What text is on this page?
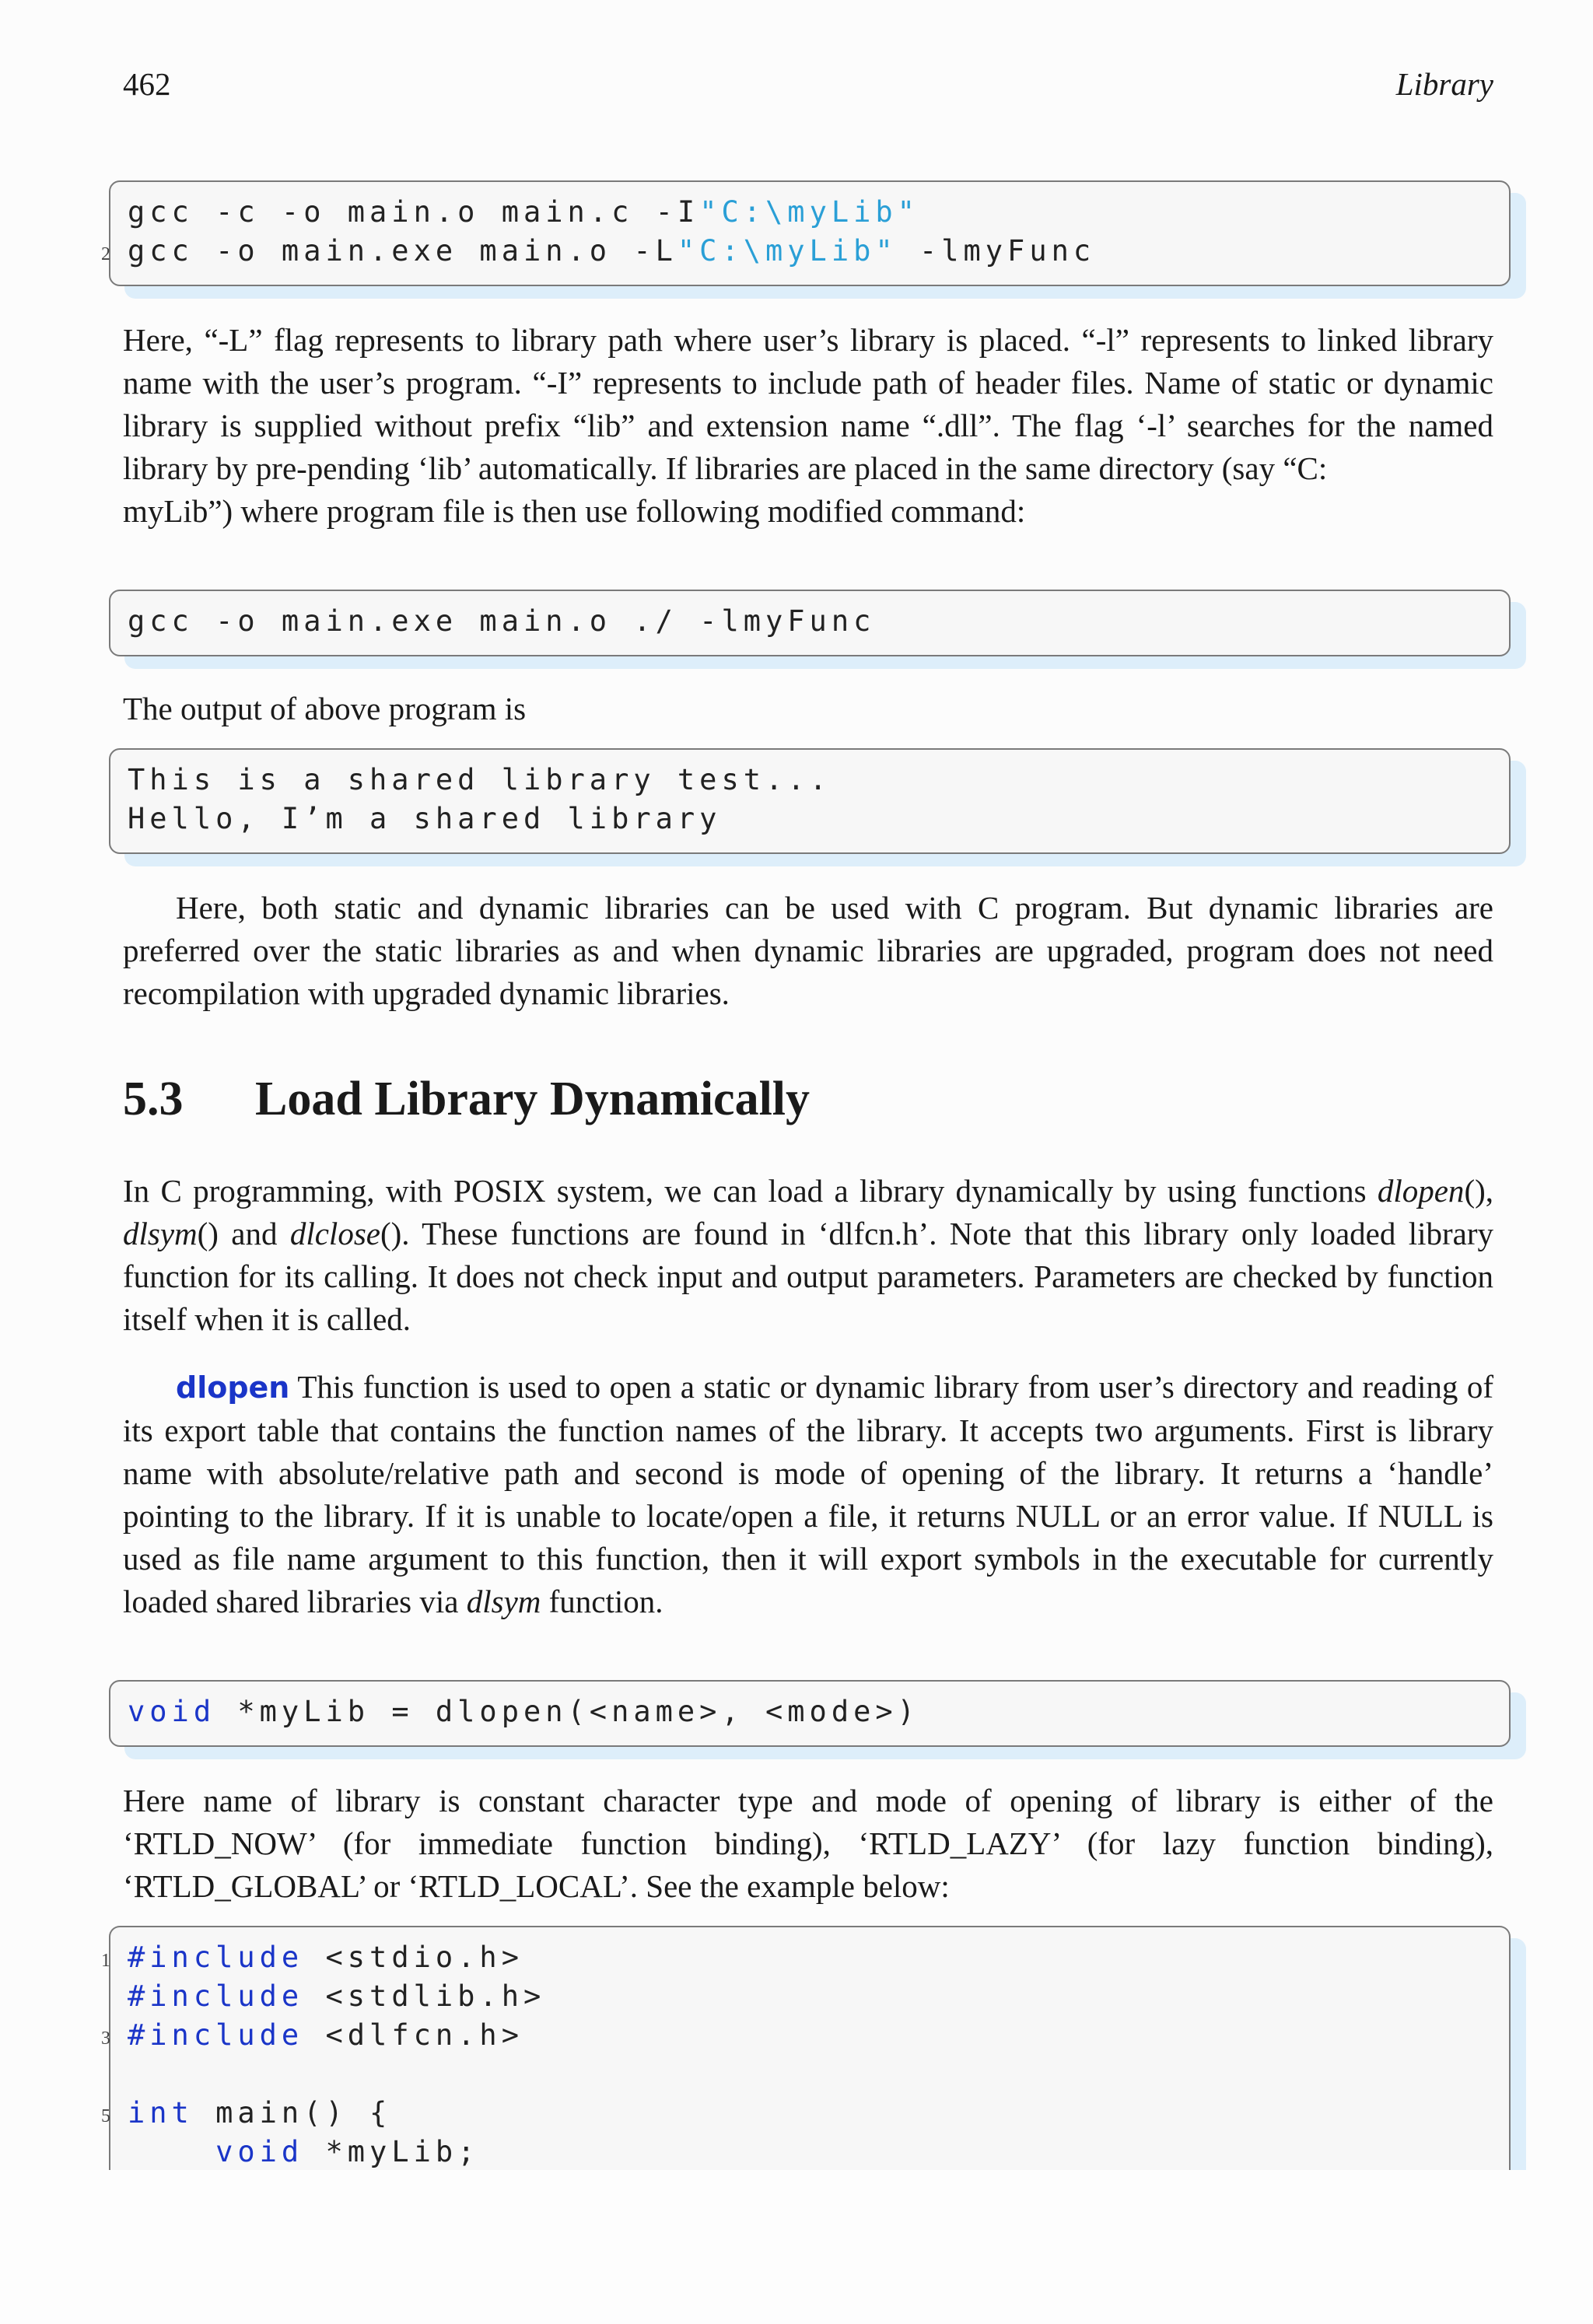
462	Library
gcc -c -o main.o main.c -I"C:\myLib"
2 gcc -o main.exe main.o -L"C:\myLib" -lmyFunc

Here, “-L” flag represents to library path where user’s library is placed. “-l” represents to linked library name with the user’s program. “-I” represents to include path of header files. Name of static or dynamic library is supplied without prefix “lib” and extension name “.dll”. The flag ‘-l’ searches for the named library by pre-pending ‘lib’ automatically. If libraries are placed in the same directory (say “C:
myLib”) where program file is then use following modified command:

gcc -o main.exe main.o ./ -lmyFunc

The output of above program is

This is a shared library test...
Hello, I’m a shared library

Here, both static and dynamic libraries can be used with C program. But dynamic libraries are preferred over the static libraries as and when dynamic libraries are upgraded, program does not need recompilation with upgraded dynamic libraries.

5.3 Load Library Dynamically

In C programming, with POSIX system, we can load a library dynamically by using functions dlopen(), dlsym() and dlclose(). These functions are found in ‘dlfcn.h’. Note that this library only loaded library function for its calling. It does not check input and output parameters. Parameters are checked by function itself when it is called.

dlopen This function is used to open a static or dynamic library from user’s directory and reading of its export table that contains the function names of the library. It accepts two arguments. First is library name with absolute/relative path and second is mode of opening of the library. It returns a ‘handle’ pointing to the library. If it is unable to locate/open a file, it returns NULL or an error value. If NULL is used as file name argument to this function, then it will export symbols in the executable for currently loaded shared libraries via dlsym function.

void *myLib = dlopen(<name>, <mode>)

Here name of library is constant character type and mode of opening of library is either of the ‘RTLD_NOW’ (for immediate function binding), ‘RTLD_LAZY’ (for lazy function binding), ‘RTLD_GLOBAL’ or ‘RTLD_LOCAL’. See the example below:

1 #include <stdio.h>
#include <stdlib.h>
3 #include <dlfcn.h>
5 int main() {
void *myLib;
